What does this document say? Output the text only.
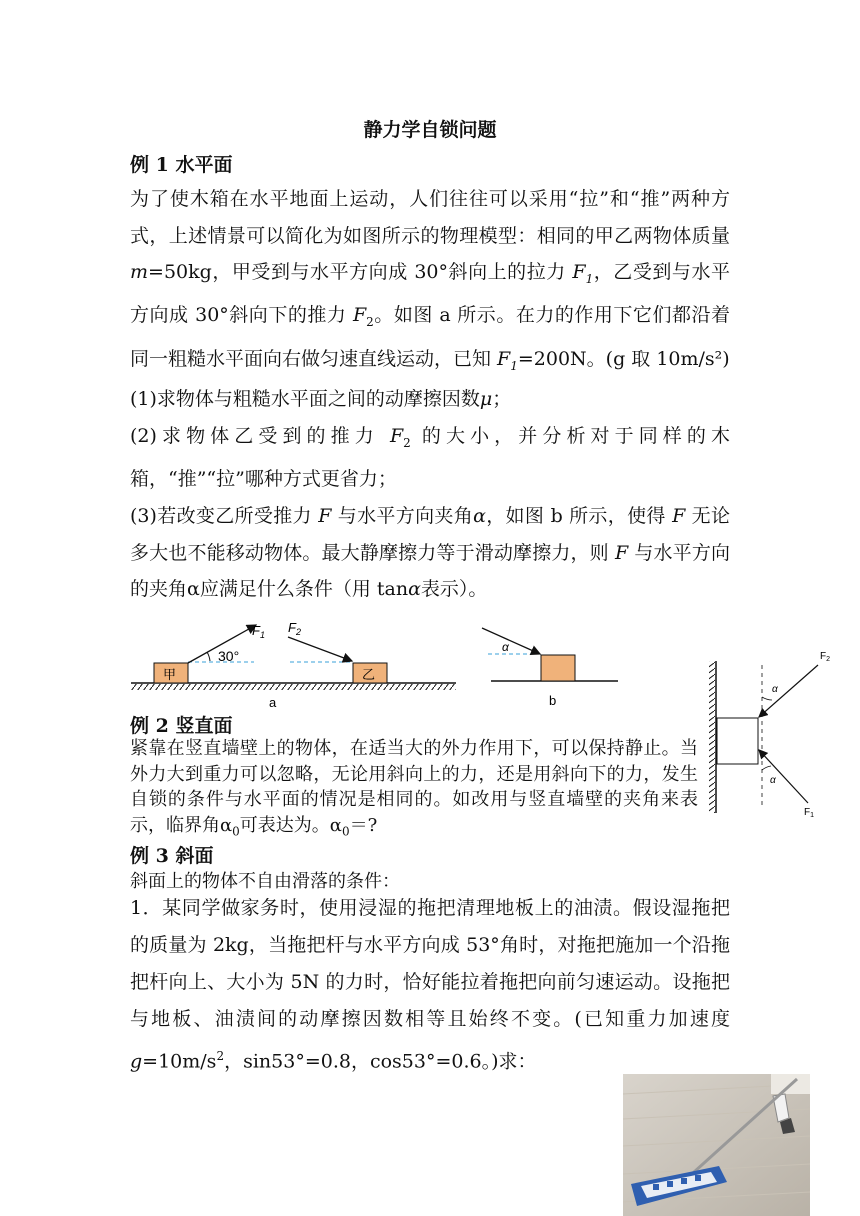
静力学自锁问题
例 1 水平面
为了使木箱在水平地面上运动，人们往往可以采用“拉”和“推”两种方式，上述情景可以简化为如图所示的物理模型：相同的甲乙两物体质量 m=50kg，甲受到与水平方向成 30°斜向上的拉力 $F_1$，乙受到与水平方向成 30°斜向下的推力 $F_2$。如图 a 所示。在力的作用下它们都沿着同一粗糙水平面向右做匀速直线运动，已知 $F_1=200N$。(g 取 10m/s²)
(1)求物体与粗糙水平面之间的动摩擦因数μ；
(2)求物体乙受到的推力 $F_2$ 的大小，并分析对于同样的木箱，“推”“拉”哪种方式更省力；
(3)若改变乙所受推力 F 与水平方向夹角α，如图 b 所示，使得 F 无论多大也不能移动物体。最大静摩擦力等于滑动摩擦力，则 F 与水平方向的夹角α应满足什么条件（用 tanα表示）。
甲
30°
$F_1$ $F_2$
乙
a
α
b
α
α
$F_2$
$F_1$
例 2 竖直面
紧靠在竖直墙壁上的物体，在适当大的外力作用下，可以保持静止。当外力大到重力可以忽略，无论用斜向上的力，还是用斜向下的力，发生自锁的条件与水平面的情况是相同的。如改用与竖直墙壁的夹角来表示，临界角$\alpha_0$可表达为。$\alpha_0=$?
例 3 斜面
斜面上的物体不自由滑落的条件：
1．某同学做家务时，使用浸湿的拖把清理地板上的油渍。假设湿拖把的质量为 2kg，当拖把杆与水平方向成 53°角时，对拖把施加一个沿拖把杆向上、大小为 5N 的力时，恰好能拉着拖把向前匀速运动。设拖把与地板、油渍间的动摩擦因数相等且始终不变。(已知重力加速度 $g=10m/s^2$，sin53°=0.8，cos53°=0.6。)求：
